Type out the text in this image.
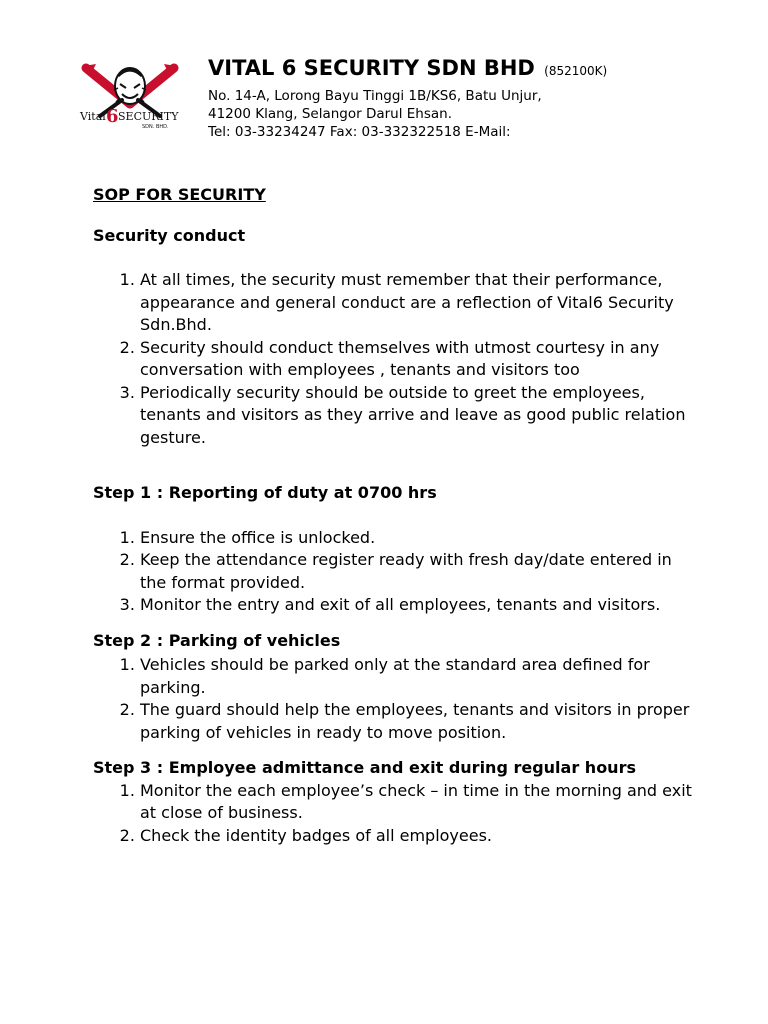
Vital 6 SECURITY
SDN. BHD.
VITAL 6 SECURITY SDN BHD (852100K)
No. 14-A, Lorong Bayu Tinggi 1B/KS6, Batu Unjur,
41200 Klang, Selangor Darul Ehsan.
Tel: 03-33234247 Fax: 03-332322518 E-Mail:

SOP FOR SECURITY

Security conduct

1. At all times, the security must remember that their performance, appearance and general conduct are a reflection of Vital6 Security Sdn.Bhd.
2. Security should conduct themselves with utmost courtesy in any conversation with employees , tenants and visitors too
3. Periodically security should be outside to greet the employees, tenants and visitors as they arrive and leave as good public relation gesture.

Step 1 : Reporting of duty at 0700 hrs

1. Ensure the office is unlocked.
2. Keep the attendance register ready with fresh day/date entered in the format provided.
3. Monitor the entry and exit of all employees, tenants and visitors.

Step 2 : Parking of vehicles

1. Vehicles should be parked only at the standard area defined for parking.
2. The guard should help the employees, tenants and visitors in proper parking of vehicles in ready to move position.

Step 3 : Employee admittance and exit during regular hours

1. Monitor the each employee’s check – in time in the morning and exit at close of business.
2. Check the identity badges of all employees.
